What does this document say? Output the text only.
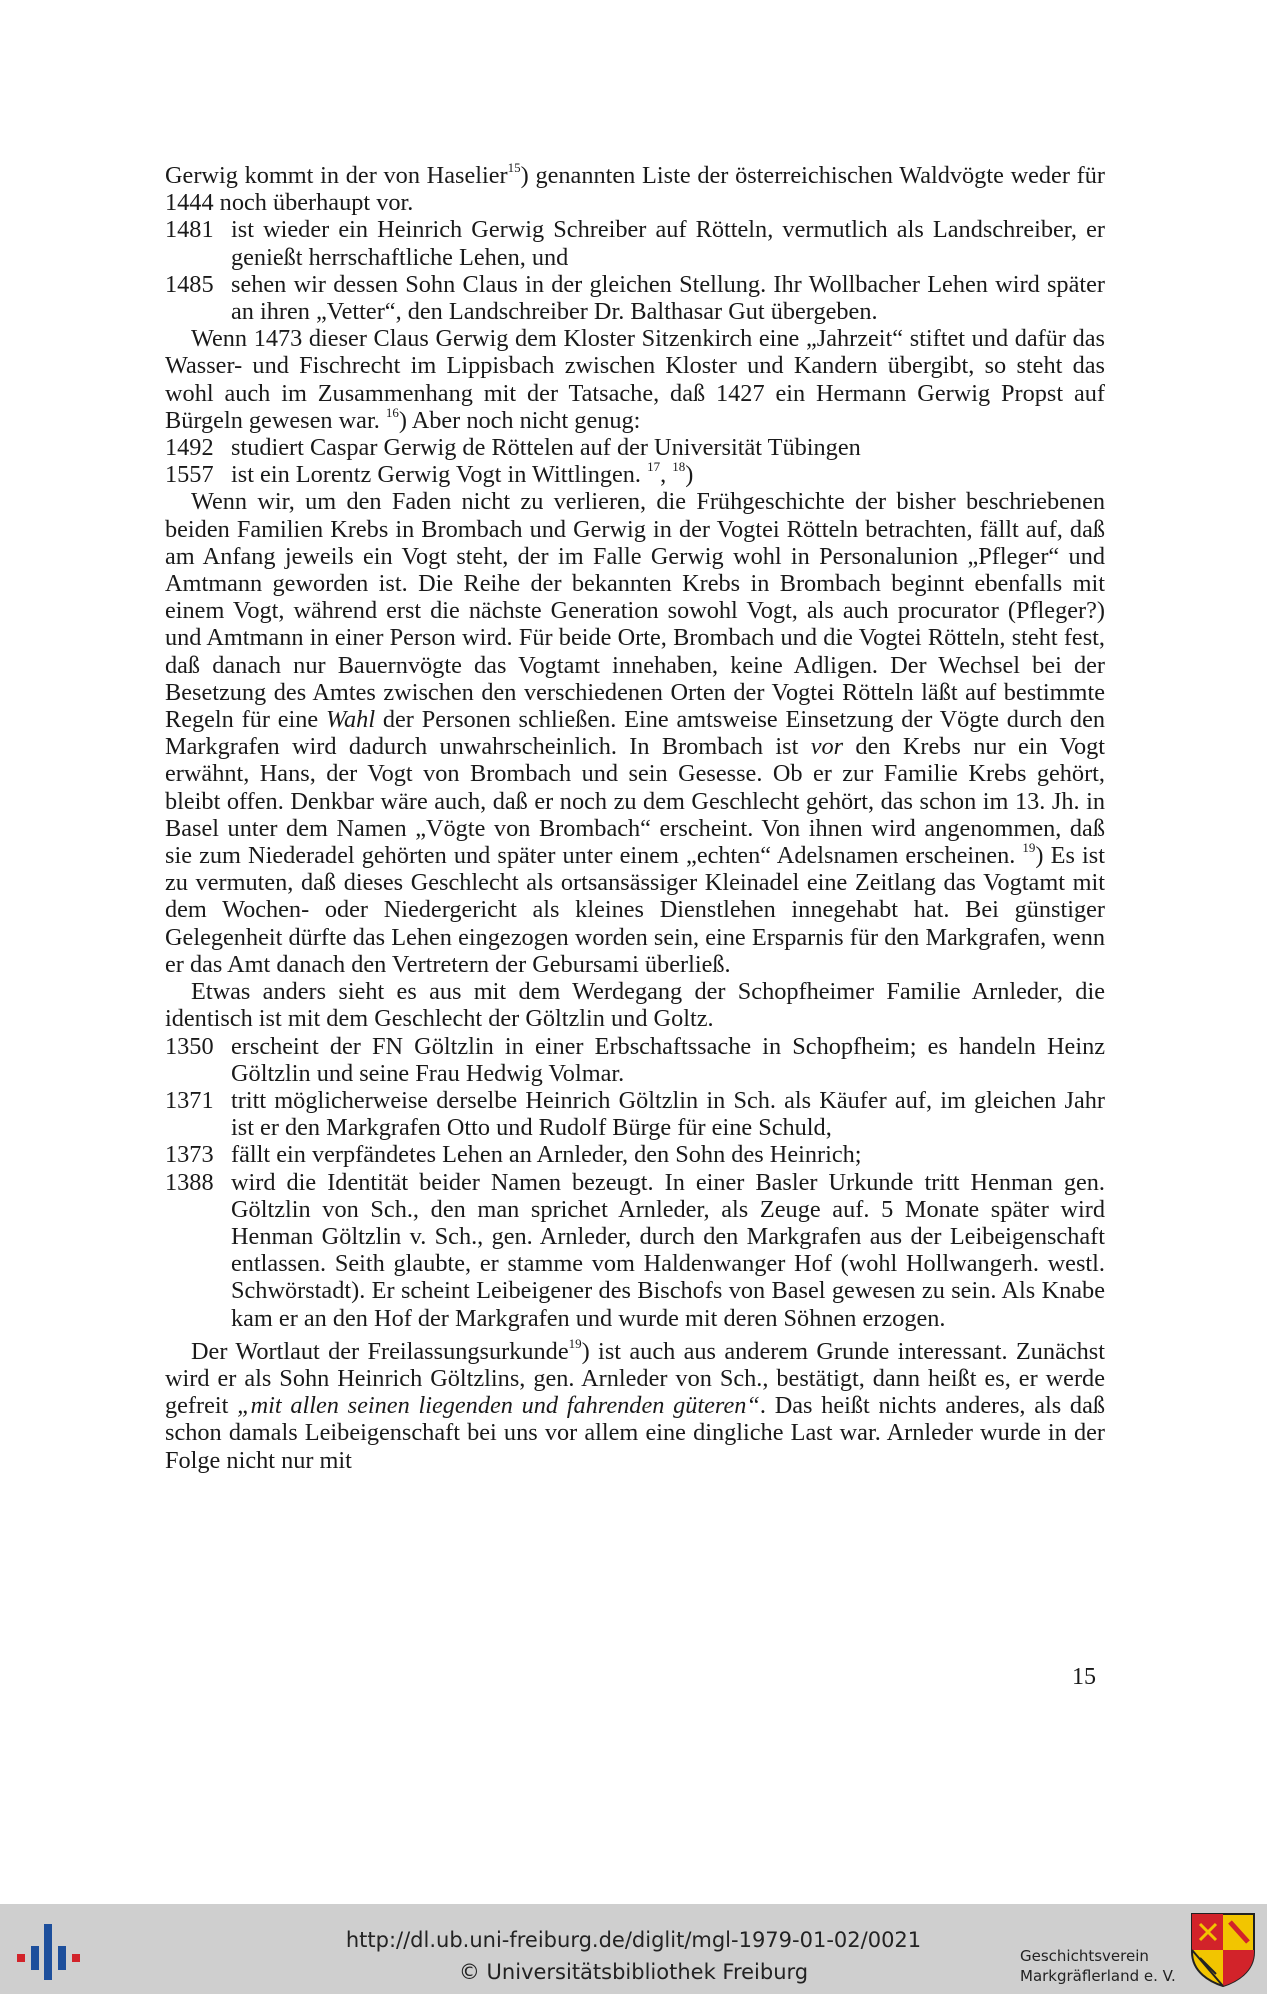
Gerwig kommt in der von Haselier$^{15}$) genannten Liste der österreichischen Waldvögte weder für 1444 noch überhaupt vor.

1481 ist wieder ein Heinrich Gerwig Schreiber auf Rötteln, vermutlich als Landschreiber, er genießt herrschaftliche Lehen, und
1485 sehen wir dessen Sohn Claus in der gleichen Stellung. Ihr Wollbacher Lehen wird später an ihren „Vetter“, den Landschreiber Dr. Balthasar Gut übergeben.

Wenn 1473 dieser Claus Gerwig dem Kloster Sitzenkirch eine „Jahrzeit“ stiftet und dafür das Wasser- und Fischrecht im Lippisbach zwischen Kloster und Kandern übergibt, so steht das wohl auch im Zusammenhang mit der Tatsache, daß 1427 ein Hermann Gerwig Propst auf Bürgeln gewesen war. $^{16}$) Aber noch nicht genug:

1492 studiert Caspar Gerwig de Röttelen auf der Universität Tübingen
1557 ist ein Lorentz Gerwig Vogt in Wittlingen. $^{17}$, $^{18}$)

Wenn wir, um den Faden nicht zu verlieren, die Frühgeschichte der bisher beschriebenen beiden Familien Krebs in Brombach und Gerwig in der Vogtei Rötteln betrachten, fällt auf, daß am Anfang jeweils ein Vogt steht, der im Falle Gerwig wohl in Personalunion „Pfleger“ und Amtmann geworden ist. Die Reihe der bekannten Krebs in Brombach beginnt ebenfalls mit einem Vogt, während erst die nächste Generation sowohl Vogt, als auch procurator (Pfleger?) und Amtmann in einer Person wird. Für beide Orte, Brombach und die Vogtei Rötteln, steht fest, daß danach nur Bauernvögte das Vogtamt innehaben, keine Adligen. Der Wechsel bei der Besetzung des Amtes zwischen den verschiedenen Orten der Vogtei Rötteln läßt auf bestimmte Regeln für eine Wahl der Personen schließen. Eine amtsweise Einsetzung der Vögte durch den Markgrafen wird dadurch unwahrscheinlich. In Brombach ist vor den Krebs nur ein Vogt erwähnt, Hans, der Vogt von Brombach und sein Gesesse. Ob er zur Familie Krebs gehört, bleibt offen. Denkbar wäre auch, daß er noch zu dem Geschlecht gehört, das schon im 13. Jh. in Basel unter dem Namen „Vögte von Brombach“ erscheint. Von ihnen wird angenommen, daß sie zum Niederadel gehörten und später unter einem „echten“ Adelsnamen erscheinen. $^{19}$) Es ist zu vermuten, daß dieses Geschlecht als ortsansässiger Kleinadel eine Zeitlang das Vogtamt mit dem Wochen- oder Niedergericht als kleines Dienstlehen innegehabt hat. Bei günstiger Gelegenheit dürfte das Lehen eingezogen worden sein, eine Ersparnis für den Markgrafen, wenn er das Amt danach den Vertretern der Gebursami überließ.

Etwas anders sieht es aus mit dem Werdegang der Schopfheimer Familie Arnleder, die identisch ist mit dem Geschlecht der Göltzlin und Goltz.

1350 erscheint der FN Göltzlin in einer Erbschaftssache in Schopfheim; es handeln Heinz Göltzlin und seine Frau Hedwig Volmar.
1371 tritt möglicherweise derselbe Heinrich Göltzlin in Sch. als Käufer auf, im gleichen Jahr ist er den Markgrafen Otto und Rudolf Bürge für eine Schuld,
1373 fällt ein verpfändetes Lehen an Arnleder, den Sohn des Heinrich;
1388 wird die Identität beider Namen bezeugt. In einer Basler Urkunde tritt Henman gen. Göltzlin von Sch., den man sprichet Arnleder, als Zeuge auf. 5 Monate später wird Henman Göltzlin v. Sch., gen. Arnleder, durch den Markgrafen aus der Leibeigenschaft entlassen. Seith glaubte, er stamme vom Haldenwanger Hof (wohl Hollwangerh. westl. Schwörstadt). Er scheint Leibeigener des Bischofs von Basel gewesen zu sein. Als Knabe kam er an den Hof der Markgrafen und wurde mit deren Söhnen erzogen.

Der Wortlaut der Freilassungsurkunde$^{19}$) ist auch aus anderem Grunde interessant. Zunächst wird er als Sohn Heinrich Göltzlins, gen. Arnleder von Sch., bestätigt, dann heißt es, er werde gefreit „mit allen seinen liegenden und fahrenden güteren“. Das heißt nichts anderes, als daß schon damals Leibeigenschaft bei uns vor allem eine dingliche Last war. Arnleder wurde in der Folge nicht nur mit

15
http://dl.ub.uni-freiburg.de/diglit/mgl-1979-01-02/0021
© Universitätsbibliothek Freiburg
Geschichtsverein
Markgräflerland e. V.
